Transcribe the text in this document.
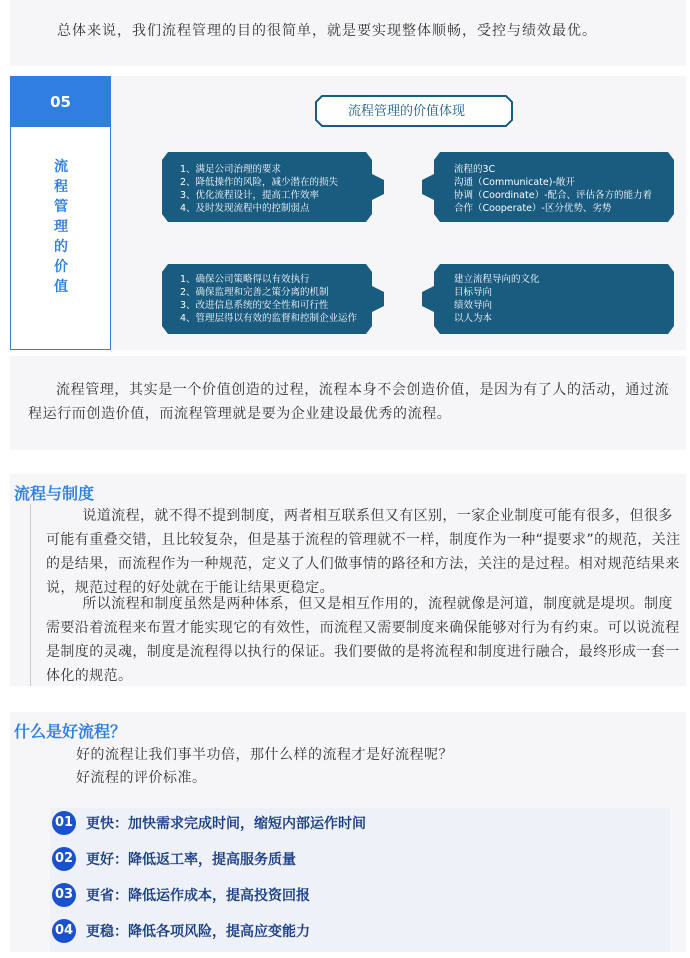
总体来说，我们流程管理的目的很简单，就是要实现整体顺畅，受控与绩效最优。

05
流程管理的价值
流程管理的价值体现
1、满足公司治理的要求
2、降低操作的风险，减少潜在的损失
3、优化流程设计，提高工作效率
4、及时发现流程中的控制弱点
流程的3C
沟通（Communicate)-敞开
协调（Coordinate）-配合、评估各方的能力着
合作（Cooperate）-区分优势、劣势
1、确保公司策略得以有效执行
2、确保监理和完善之策分离的机制
3、改进信息系统的安全性和可行性
4、管理层得以有效的监督和控制企业运作
建立流程导向的文化
目标导向
绩效导向
以人为本

流程管理，其实是一个价值创造的过程，流程本身不会创造价值，是因为有了人的活动，通过流程运行而创造价值，而流程管理就是要为企业建设最优秀的流程。

流程与制度

说道流程，就不得不提到制度，两者相互联系但又有区别，一家企业制度可能有很多，但很多可能有重叠交错，且比较复杂，但是基于流程的管理就不一样，制度作为一种“提要求”的规范，关注的是结果，而流程作为一种规范，定义了人们做事情的路径和方法，关注的是过程。相对规范结果来说，规范过程的好处就在于能让结果更稳定。

所以流程和制度虽然是两种体系，但又是相互作用的，流程就像是河道，制度就是堤坝。制度需要沿着流程来布置才能实现它的有效性，而流程又需要制度来确保能够对行为有约束。可以说流程是制度的灵魂，制度是流程得以执行的保证。我们要做的是将流程和制度进行融合，最终形成一套一体化的规范。

什么是好流程？
好的流程让我们事半功倍，那什么样的流程才是好流程呢？
好流程的评价标准。
01 更快：加快需求完成时间，缩短内部运作时间
02 更好：降低返工率，提高服务质量
03 更省：降低运作成本，提高投资回报
04 更稳：降低各项风险，提高应变能力
